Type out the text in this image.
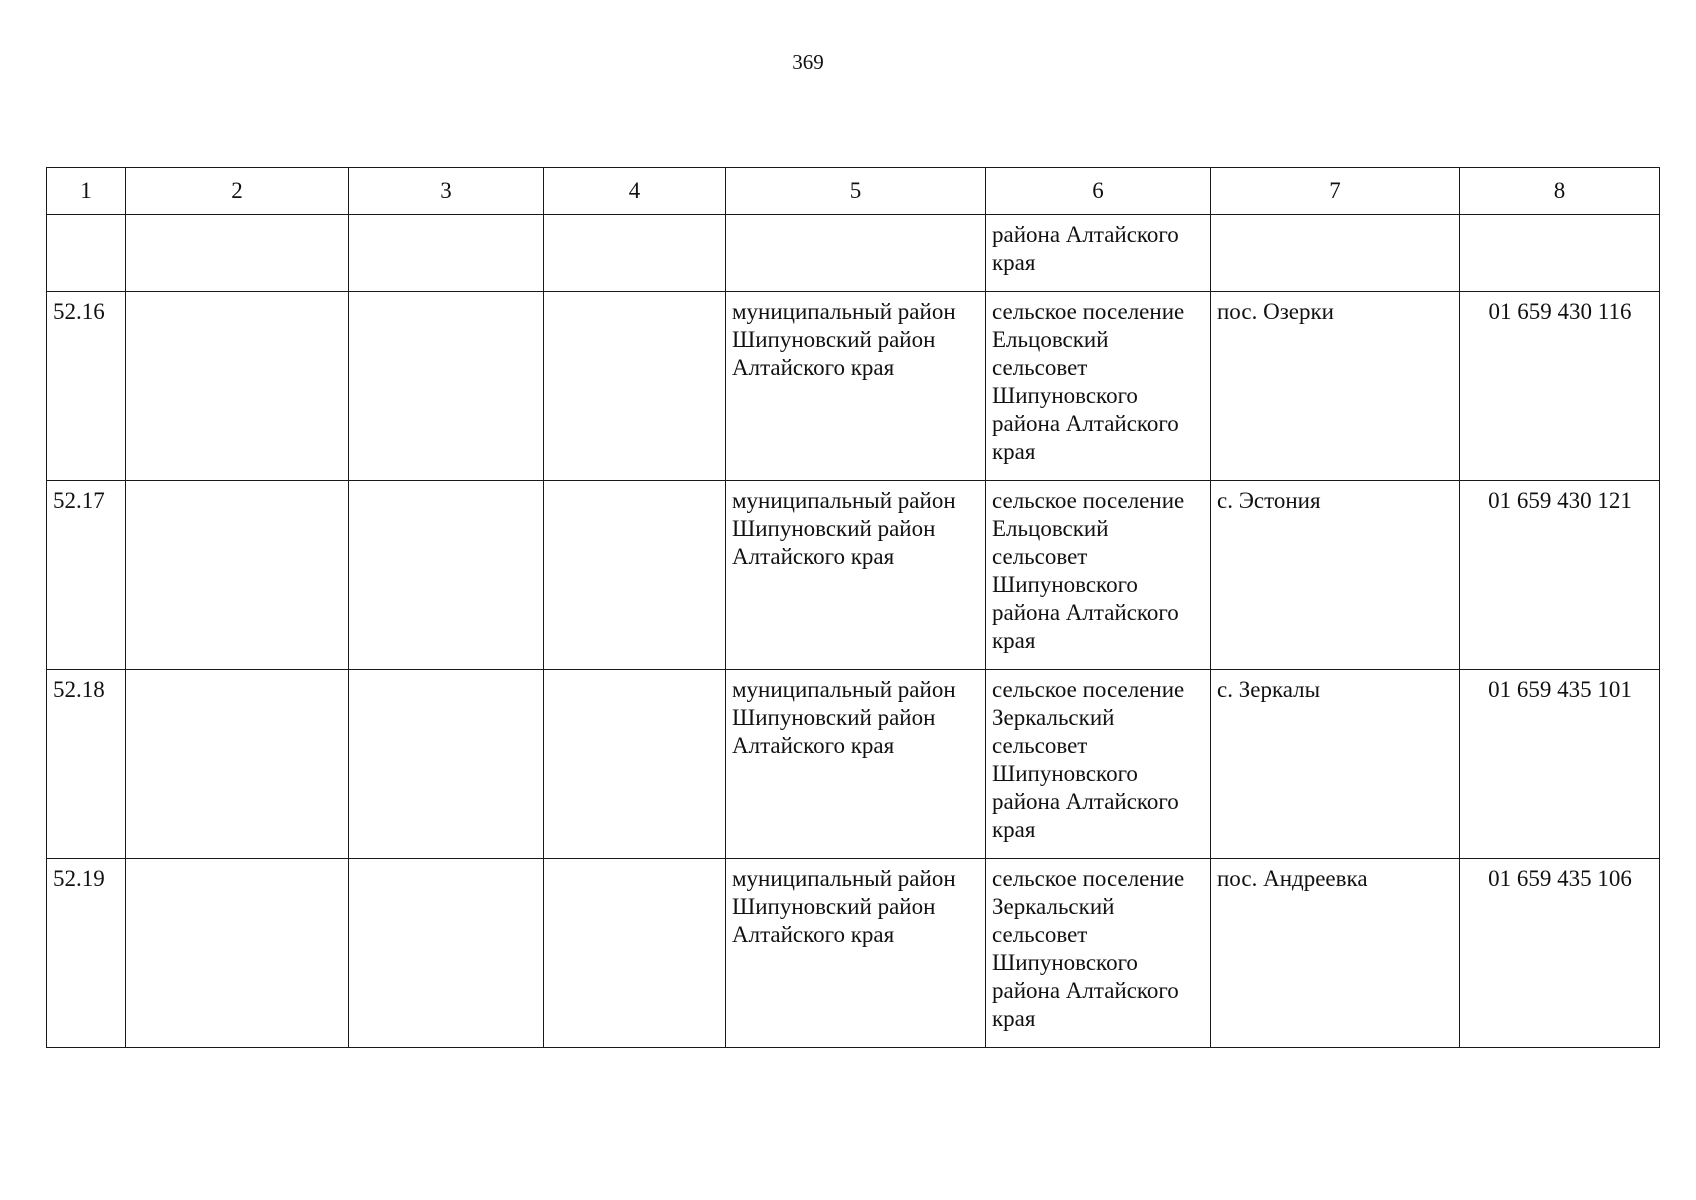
369
1	2	3	4	5	6	7	8
					района Алтайского края		
52.16				муниципальный район Шипуновский район Алтайского края	сельское поселение Ельцовский сельсовет Шипуновского района Алтайского края	пос. Озерки	01 659 430 116
52.17				муниципальный район Шипуновский район Алтайского края	сельское поселение Ельцовский сельсовет Шипуновского района Алтайского края	с. Эстония	01 659 430 121
52.18				муниципальный район Шипуновский район Алтайского края	сельское поселение Зеркальский сельсовет Шипуновского района Алтайского края	с. Зеркалы	01 659 435 101
52.19				муниципальный район Шипуновский район Алтайского края	сельское поселение Зеркальский сельсовет Шипуновского района Алтайского края	пос. Андреевка	01 659 435 106
